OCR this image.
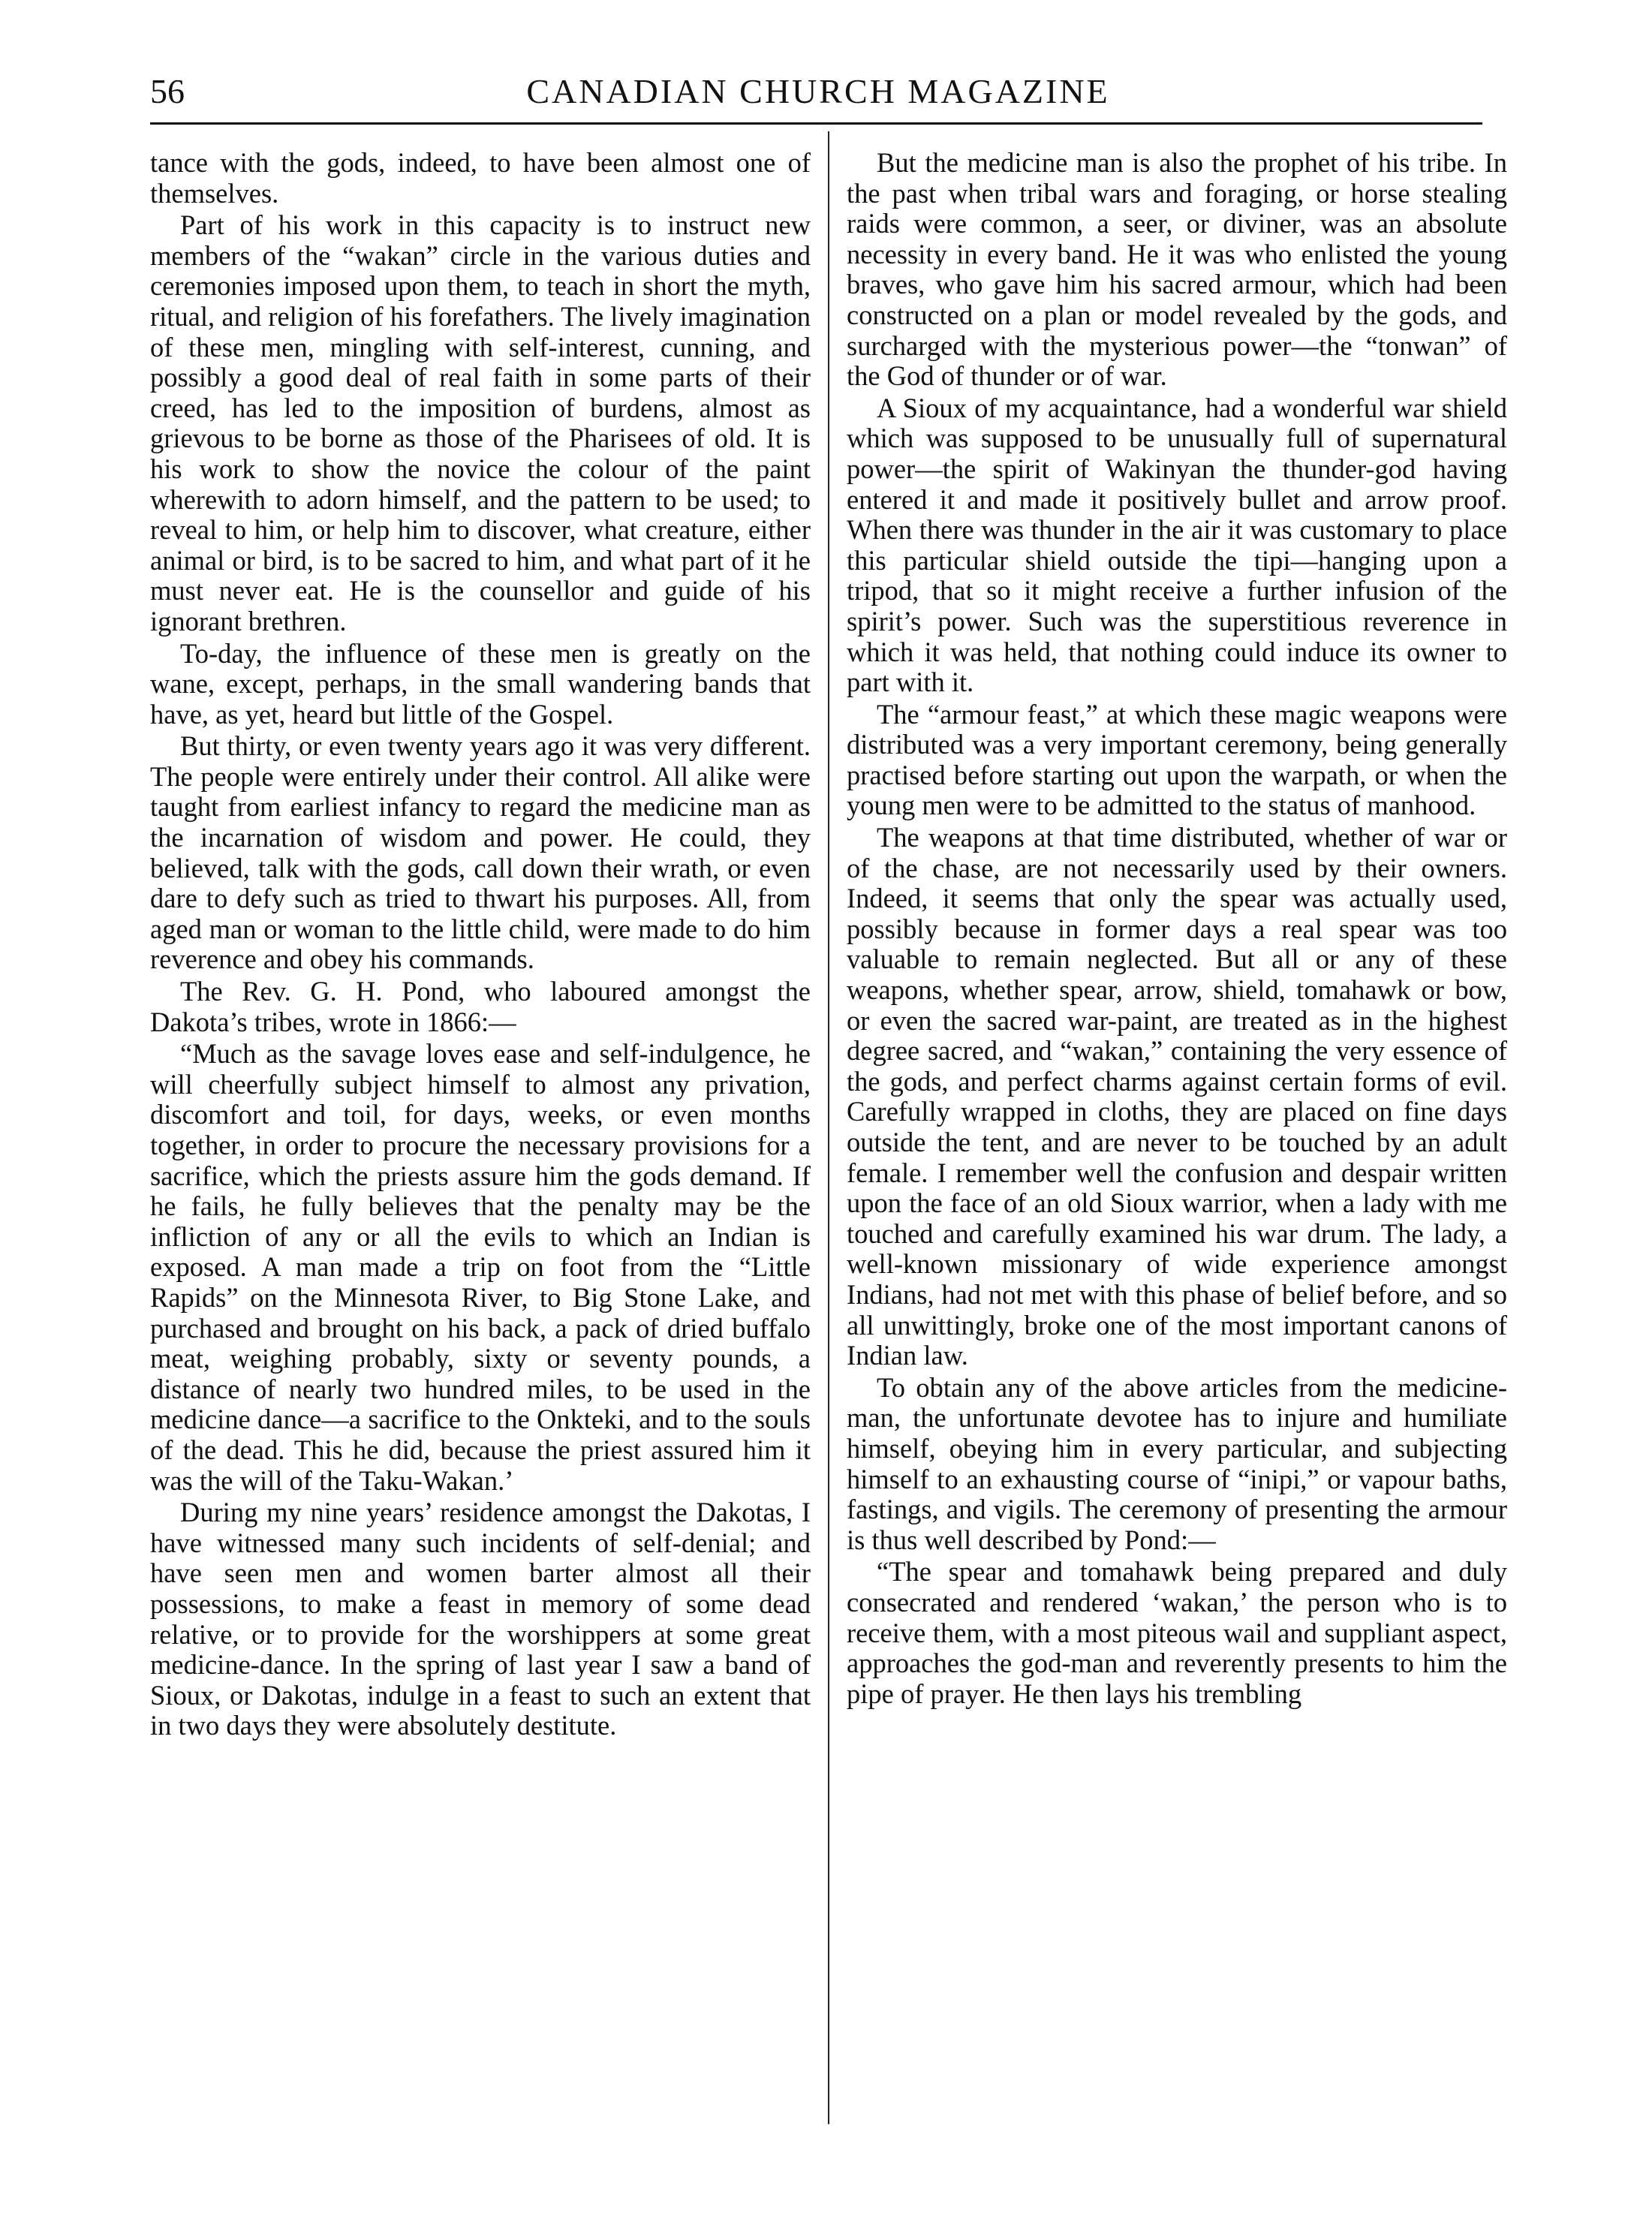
56	CANADIAN CHURCH MAGAZINE

tance with the gods, indeed, to have been almost one of themselves.

Part of his work in this capacity is to instruct new members of the “wakan” circle in the various duties and ceremonies imposed upon them, to teach in short the myth, ritual, and religion of his forefathers. The lively imagination of these men, mingling with self-interest, cunning, and possibly a good deal of real faith in some parts of their creed, has led to the imposition of burdens, almost as grievous to be borne as those of the Pharisees of old. It is his work to show the novice the colour of the paint wherewith to adorn himself, and the pattern to be used; to reveal to him, or help him to discover, what creature, either animal or bird, is to be sacred to him, and what part of it he must never eat. He is the counsellor and guide of his ignorant brethren.

To-day, the influence of these men is greatly on the wane, except, perhaps, in the small wandering bands that have, as yet, heard but little of the Gospel.

But thirty, or even twenty years ago it was very different. The people were entirely under their control. All alike were taught from earliest infancy to regard the medicine man as the incarnation of wisdom and power. He could, they believed, talk with the gods, call down their wrath, or even dare to defy such as tried to thwart his purposes. All, from aged man or woman to the little child, were made to do him reverence and obey his commands.

The Rev. G. H. Pond, who laboured amongst the Dakota’s tribes, wrote in 1866:—

“Much as the savage loves ease and self-indulgence, he will cheerfully subject himself to almost any privation, discomfort and toil, for days, weeks, or even months together, in order to procure the necessary provisions for a sacrifice, which the priests assure him the gods demand. If he fails, he fully believes that the penalty may be the infliction of any or all the evils to which an Indian is exposed. A man made a trip on foot from the “Little Rapids” on the Minnesota River, to Big Stone Lake, and purchased and brought on his back, a pack of dried buffalo meat, weighing probably, sixty or seventy pounds, a distance of nearly two hundred miles, to be used in the medicine dance—a sacrifice to the Onkteki, and to the souls of the dead. This he did, because the priest assured him it was the will of the Taku-Wakan.’

During my nine years’ residence amongst the Dakotas, I have witnessed many such incidents of self-denial; and have seen men and women barter almost all their possessions, to make a feast in memory of some dead relative, or to provide for the worshippers at some great medicine-dance. In the spring of last year I saw a band of Sioux, or Dakotas, indulge in a feast to such an extent that in two days they were absolutely destitute.

But the medicine man is also the prophet of his tribe. In the past when tribal wars and foraging, or horse stealing raids were common, a seer, or diviner, was an absolute necessity in every band. He it was who enlisted the young braves, who gave him his sacred armour, which had been constructed on a plan or model revealed by the gods, and surcharged with the mysterious power—the “tonwan” of the God of thunder or of war.

A Sioux of my acquaintance, had a wonderful war shield which was supposed to be unusually full of supernatural power—the spirit of Wakinyan the thunder-god having entered it and made it positively bullet and arrow proof. When there was thunder in the air it was customary to place this particular shield outside the tipi—hanging upon a tripod, that so it might receive a further infusion of the spirit’s power. Such was the superstitious reverence in which it was held, that nothing could induce its owner to part with it.

The “armour feast,” at which these magic weapons were distributed was a very important ceremony, being generally practised before starting out upon the warpath, or when the young men were to be admitted to the status of manhood.

The weapons at that time distributed, whether of war or of the chase, are not necessarily used by their owners. Indeed, it seems that only the spear was actually used, possibly because in former days a real spear was too valuable to remain neglected. But all or any of these weapons, whether spear, arrow, shield, tomahawk or bow, or even the sacred war-paint, are treated as in the highest degree sacred, and “wakan,” containing the very essence of the gods, and perfect charms against certain forms of evil. Carefully wrapped in cloths, they are placed on fine days outside the tent, and are never to be touched by an adult female. I remember well the confusion and despair written upon the face of an old Sioux warrior, when a lady with me touched and carefully examined his war drum. The lady, a well-known missionary of wide experience amongst Indians, had not met with this phase of belief before, and so all unwittingly, broke one of the most important canons of Indian law.

To obtain any of the above articles from the medicine-man, the unfortunate devotee has to injure and humiliate himself, obeying him in every particular, and subjecting himself to an exhausting course of “inipi,” or vapour baths, fastings, and vigils. The ceremony of presenting the armour is thus well described by Pond:—

“The spear and tomahawk being prepared and duly consecrated and rendered ‘wakan,’ the person who is to receive them, with a most piteous wail and suppliant aspect, approaches the god-man and reverently presents to him the pipe of prayer. He then lays his trembling
